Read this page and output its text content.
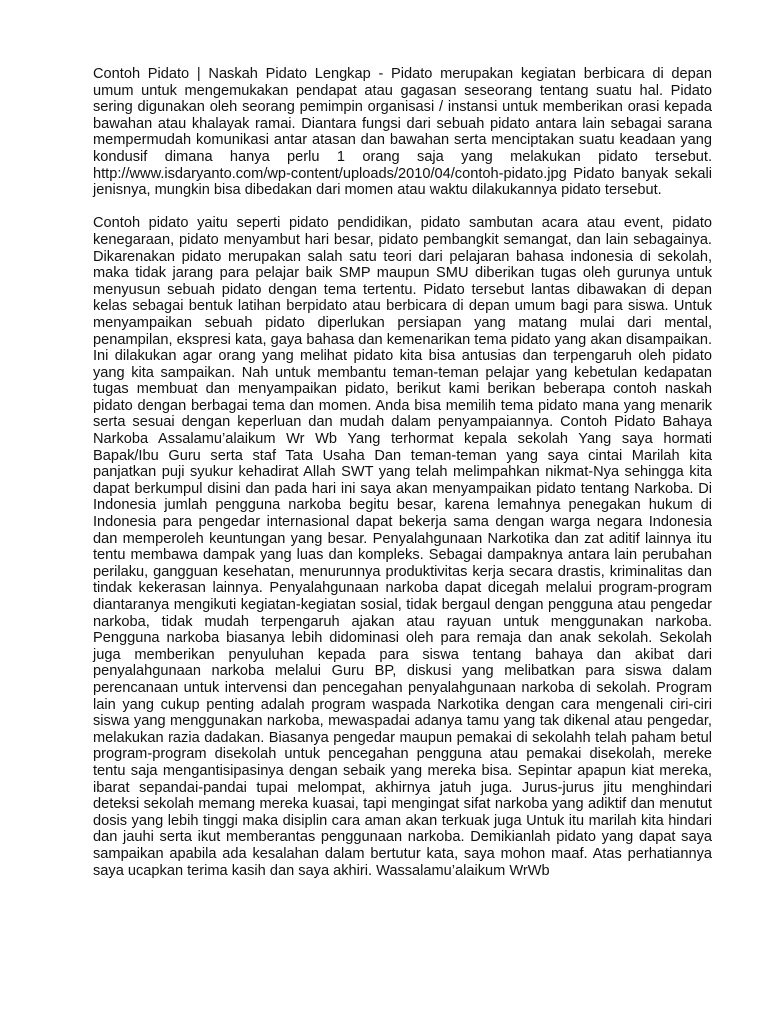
Contoh Pidato | Naskah Pidato Lengkap - Pidato merupakan kegiatan berbicara di depan umum untuk mengemukakan pendapat atau gagasan seseorang tentang suatu hal. Pidato sering digunakan oleh seorang pemimpin organisasi / instansi untuk memberikan orasi kepada bawahan atau khalayak ramai. Diantara fungsi dari sebuah pidato antara lain sebagai sarana mempermudah komunikasi antar atasan dan bawahan serta menciptakan suatu keadaan yang kondusif dimana hanya perlu 1 orang saja yang melakukan pidato tersebut. http://www.isdaryanto.com/wp-content/uploads/2010/04/contoh-pidato.jpg Pidato banyak sekali jenisnya, mungkin bisa dibedakan dari momen atau waktu dilakukannya pidato tersebut.

Contoh pidato yaitu seperti pidato pendidikan, pidato sambutan acara atau event, pidato kenegaraan, pidato menyambut hari besar, pidato pembangkit semangat, dan lain sebagainya. Dikarenakan pidato merupakan salah satu teori dari pelajaran bahasa indonesia di sekolah, maka tidak jarang para pelajar baik SMP maupun SMU diberikan tugas oleh gurunya untuk menyusun sebuah pidato dengan tema tertentu. Pidato tersebut lantas dibawakan di depan kelas sebagai bentuk latihan berpidato atau berbicara di depan umum bagi para siswa. Untuk menyampaikan sebuah pidato diperlukan persiapan yang matang mulai dari mental, penampilan, ekspresi kata, gaya bahasa dan kemenarikan tema pidato yang akan disampaikan. Ini dilakukan agar orang yang melihat pidato kita bisa antusias dan terpengaruh oleh pidato yang kita sampaikan. Nah untuk membantu teman-teman pelajar yang kebetulan kedapatan tugas membuat dan menyampaikan pidato, berikut kami berikan beberapa contoh naskah pidato dengan berbagai tema dan momen. Anda bisa memilih tema pidato mana yang menarik serta sesuai dengan keperluan dan mudah dalam penyampaiannya. Contoh Pidato Bahaya Narkoba Assalamu’alaikum Wr Wb Yang terhormat kepala sekolah Yang saya hormati Bapak/Ibu Guru serta staf Tata Usaha Dan teman-teman yang saya cintai Marilah kita panjatkan puji syukur kehadirat Allah SWT yang telah melimpahkan nikmat-Nya sehingga kita dapat berkumpul disini dan pada hari ini saya akan menyampaikan pidato tentang Narkoba. Di Indonesia jumlah pengguna narkoba begitu besar, karena lemahnya penegakan hukum di Indonesia para pengedar internasional dapat bekerja sama dengan warga negara Indonesia dan memperoleh keuntungan yang besar. Penyalahgunaan Narkotika dan zat aditif lainnya itu tentu membawa dampak yang luas dan kompleks. Sebagai dampaknya antara lain perubahan perilaku, gangguan kesehatan, menurunnya produktivitas kerja secara drastis, kriminalitas dan tindak kekerasan lainnya. Penyalahgunaan narkoba dapat dicegah melalui program-program diantaranya mengikuti kegiatan-kegiatan sosial, tidak bergaul dengan pengguna atau pengedar narkoba, tidak mudah terpengaruh ajakan atau rayuan untuk menggunakan narkoba. Pengguna narkoba biasanya lebih didominasi oleh para remaja dan anak sekolah. Sekolah juga memberikan penyuluhan kepada para siswa tentang bahaya dan akibat dari penyalahgunaan narkoba melalui Guru BP, diskusi yang melibatkan para siswa dalam perencanaan untuk intervensi dan pencegahan penyalahgunaan narkoba di sekolah. Program lain yang cukup penting adalah program waspada Narkotika dengan cara mengenali ciri-ciri siswa yang menggunakan narkoba, mewaspadai adanya tamu yang tak dikenal atau pengedar, melakukan razia dadakan. Biasanya pengedar maupun pemakai di sekolahh telah paham betul program-program disekolah untuk pencegahan pengguna atau pemakai disekolah, mereke tentu saja mengantisipasinya dengan sebaik yang mereka bisa. Sepintar apapun kiat mereka, ibarat sepandai-pandai tupai melompat, akhirnya jatuh juga. Jurus-jurus jitu menghindari deteksi sekolah memang mereka kuasai, tapi mengingat sifat narkoba yang adiktif dan menutut dosis yang lebih tinggi maka disiplin cara aman akan terkuak juga Untuk itu marilah kita hindari dan jauhi serta ikut memberantas penggunaan narkoba. Demikianlah pidato yang dapat saya sampaikan apabila ada kesalahan dalam bertutur kata, saya mohon maaf. Atas perhatiannya saya ucapkan terima kasih dan saya akhiri. Wassalamu’alaikum WrWb
